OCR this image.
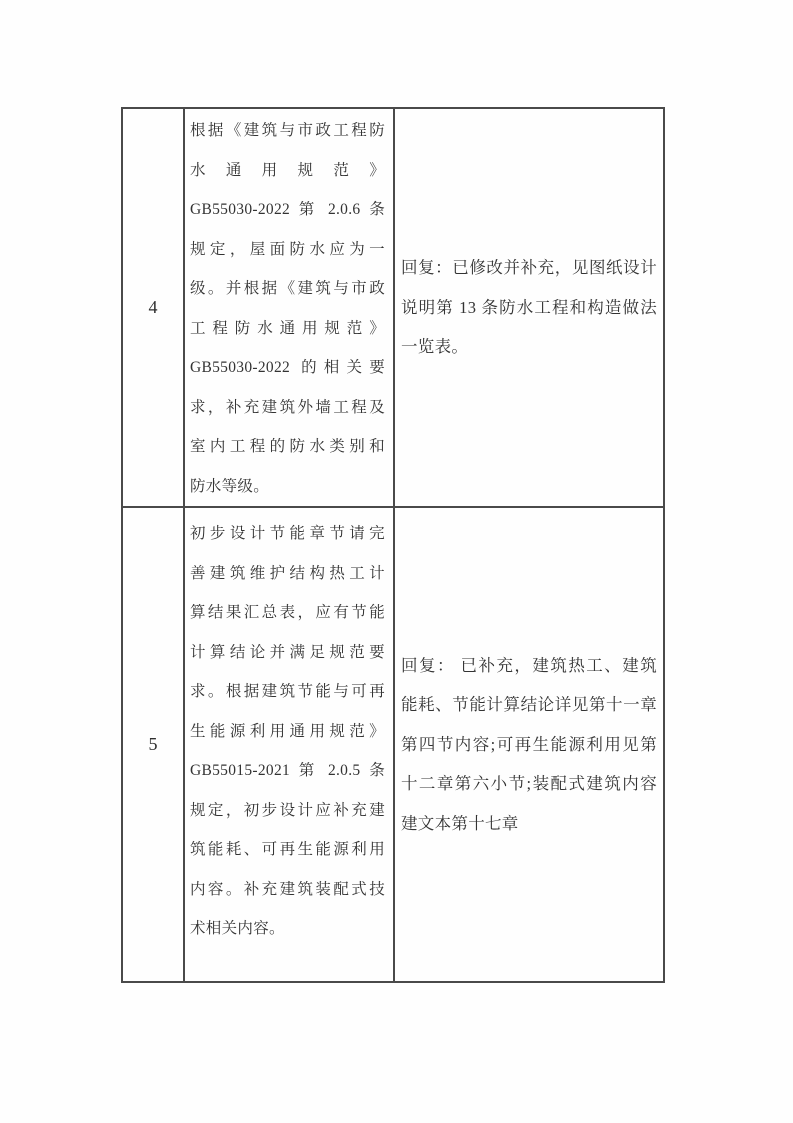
4
根据《建筑与市政工程防
水通用规范》
GB55030-2022 第 2.0.6 条
规定，屋面防水应为一
级。并根据《建筑与市政
工程防水通用规范》
GB55030-2022 的相关要
求，补充建筑外墙工程及
室内工程的防水类别和
防水等级。
回复：已修改并补充，见图纸设计
说明第 13 条防水工程和构造做法
一览表。
5
初步设计节能章节请完
善建筑维护结构热工计
算结果汇总表，应有节能
计算结论并满足规范要
求。根据建筑节能与可再
生能源利用通用规范》
GB55015-2021 第 2.0.5 条
规定，初步设计应补充建
筑能耗、可再生能源利用
内容。补充建筑装配式技
术相关内容。
回复： 已补充，建筑热工、建筑
能耗、节能计算结论详见第十一章
第四节内容;可再生能源利用见第
十二章第六小节;装配式建筑内容
建文本第十七章
